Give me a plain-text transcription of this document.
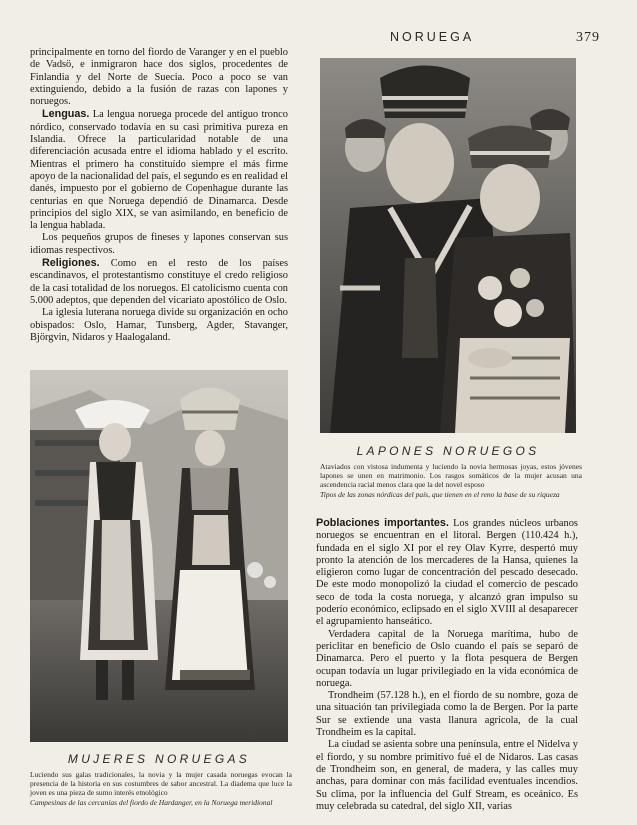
NORUEGA	379

principalmente en torno del fiordo de Varanger y en el pueblo de Vadsö, e inmigraron hace dos siglos, procedentes de Finlandia y del Norte de Suecia. Poco a poco se van extinguiendo, debido a la fusión de razas con lapones y noruegos.

Lenguas. La lengua noruega procede del antiguo tronco nórdico, conservado todavía en su casi primitiva pureza en Islandia. Ofrece la particularidad notable de una diferenciación acusada entre el idioma hablado y el escrito. Mientras el primero ha constituído siempre el más firme apoyo de la nacionalidad del país, el segundo es en realidad el danés, impuesto por el gobierno de Copenhague durante las centurias en que Noruega dependió de Dinamarca. Desde principios del siglo XIX, se van asimilando, en beneficio de la lengua hablada.

Los pequeños grupos de fineses y lapones conservan sus idiomas respectivos.

Religiones. Como en el resto de los países escandinavos, el protestantismo constituye el credo religioso de la casi totalidad de los noruegos. El catolicismo cuenta con 5.000 adeptos, que dependen del vicariato apostólico de Oslo.

La iglesia luterana noruega divide su organización en ocho obispados: Oslo, Hamar, Tunsberg, Agder, Stavanger, Björgvin, Nidaros y Haalogaland.

MUJERES NORUEGAS
Luciendo sus galas tradicionales, la novia y la mujer casada noruegas evocan la presencia de la historia en sus costumbres de sabor ancestral. La diadema que luce la joven es una pieza de sumo interés etnológico
Campesinas de las cercanías del fiordo de Hardanger, en la Noruega meridional
LAPONES NORUEGOS
Ataviados con vistosa indumenta y luciendo la novia hermosas joyas, estos jóvenes lapones se unen en matrimonio. Los rasgos somáticos de la mujer acusan una ascendencia racial menos clara que la del novel esposo
Tipos de las zonas nórdicas del país, que tienen en el reno la base de su riqueza

Poblaciones importantes. Los grandes núcleos urbanos noruegos se encuentran en el litoral. Bergen (110.424 h.), fundada en el siglo XI por el rey Olav Kyrre, despertó muy pronto la atención de los mercaderes de la Hansa, quienes la eligieron como lugar de concentración del pescado desecado. De este modo monopolizó la ciudad el comercio de pescado seco de toda la costa noruega, y alcanzó gran impulso su poderío económico, eclipsado en el siglo XVIII al desaparecer el agrupamiento hanseático.

Verdadera capital de la Noruega marítima, hubo de periclitar en beneficio de Oslo cuando el país se separó de Dinamarca. Pero el puerto y la flota pesquera de Bergen ocupan todavía un lugar privilegiado en la vida económica de noruega.

Trondheim (57.128 h.), en el fiordo de su nombre, goza de una situación tan privilegiada como la de Bergen. Por la parte Sur se extiende una vasta llanura agrícola, de la cual Trondheim es la capital.

La ciudad se asienta sobre una península, entre el Nidelva y el fiordo, y su nombre primitivo fué el de Nidaros. Las casas de Trondheim son, en general, de madera, y las calles muy anchas, para dominar con más facilidad eventuales incendios. Su clima, por la influencia del Gulf Stream, es oceánico. Es muy celebrada su catedral, del siglo XII, varias
